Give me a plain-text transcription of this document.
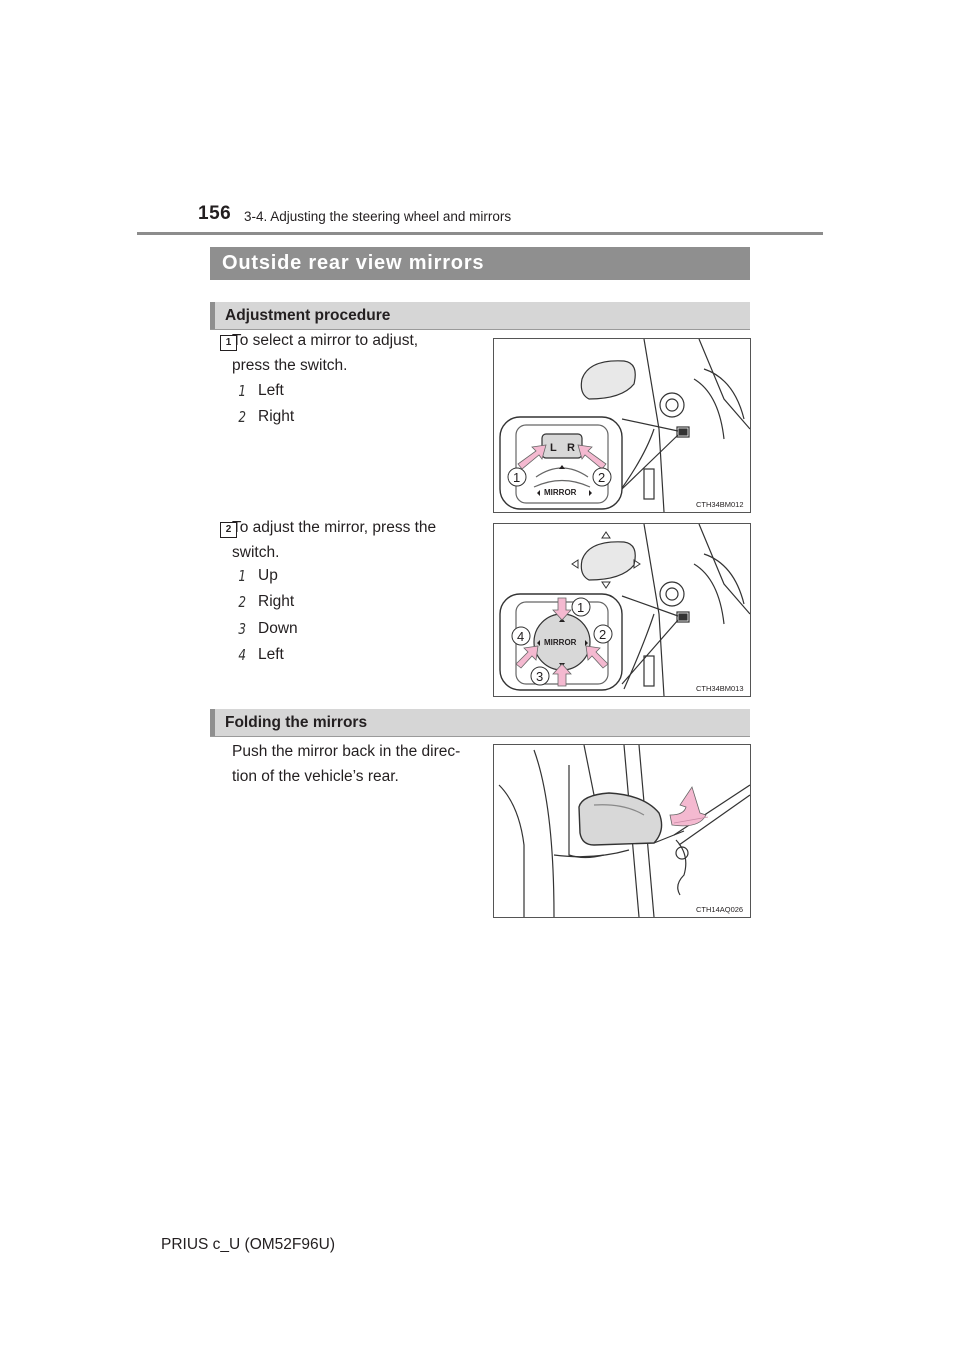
156 3-4. Adjusting the steering wheel and mirrors
Outside rear view mirrors
Adjustment procedure
1 To select a mirror to adjust,
press the switch.
1 Left
2 Right
L R
MIRROR
1	2
CTH34BM012
2 To adjust the mirror, press the
switch.
1 Up
2 Right
3 Down
4 Left
MIRROR
1
2
3
4
CTH34BM013
Folding the mirrors
Push the mirror back in the direc-
tion of the vehicle’s rear.
CTH14AQ026
PRIUS c_U (OM52F96U)
